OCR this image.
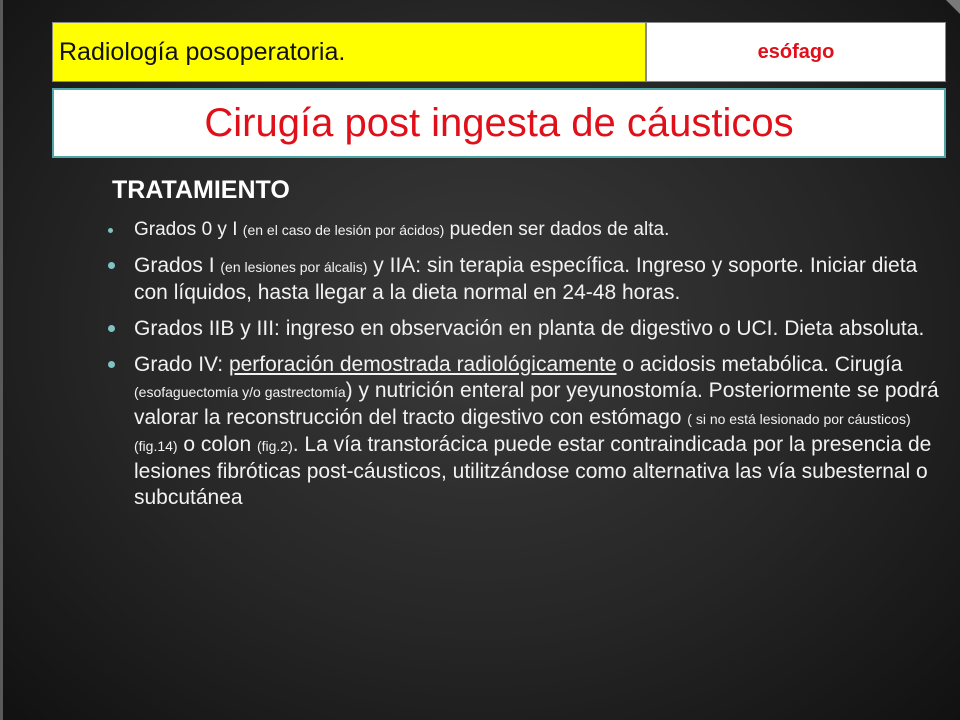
Radiología posoperatoria.	esófago
Cirugía post ingesta de cáusticos
TRATAMIENTO
Grados 0 y I (en el caso de lesión por ácidos) pueden ser dados de alta.
Grados I (en lesiones por álcalis) y IIA: sin terapia específica. Ingreso y soporte. Iniciar dieta con líquidos, hasta llegar a la dieta normal en 24-48 horas.
Grados IIB y III: ingreso en observación en planta de digestivo o UCI. Dieta absoluta.
Grado IV: perforación demostrada radiológicamente o acidosis metabólica. Cirugía (esofaguectomía y/o gastrectomía) y nutrición enteral por yeyunostomía. Posteriormente se podrá valorar la reconstrucción del tracto digestivo con estómago ( si no está lesionado por cáusticos) (fig.14) o colon (fig.2). La vía transtorácica puede estar contraindicada por la presencia de lesiones fibróticas post-cáusticos, utilitzándose como alternativa las vía subesternal o subcutánea
